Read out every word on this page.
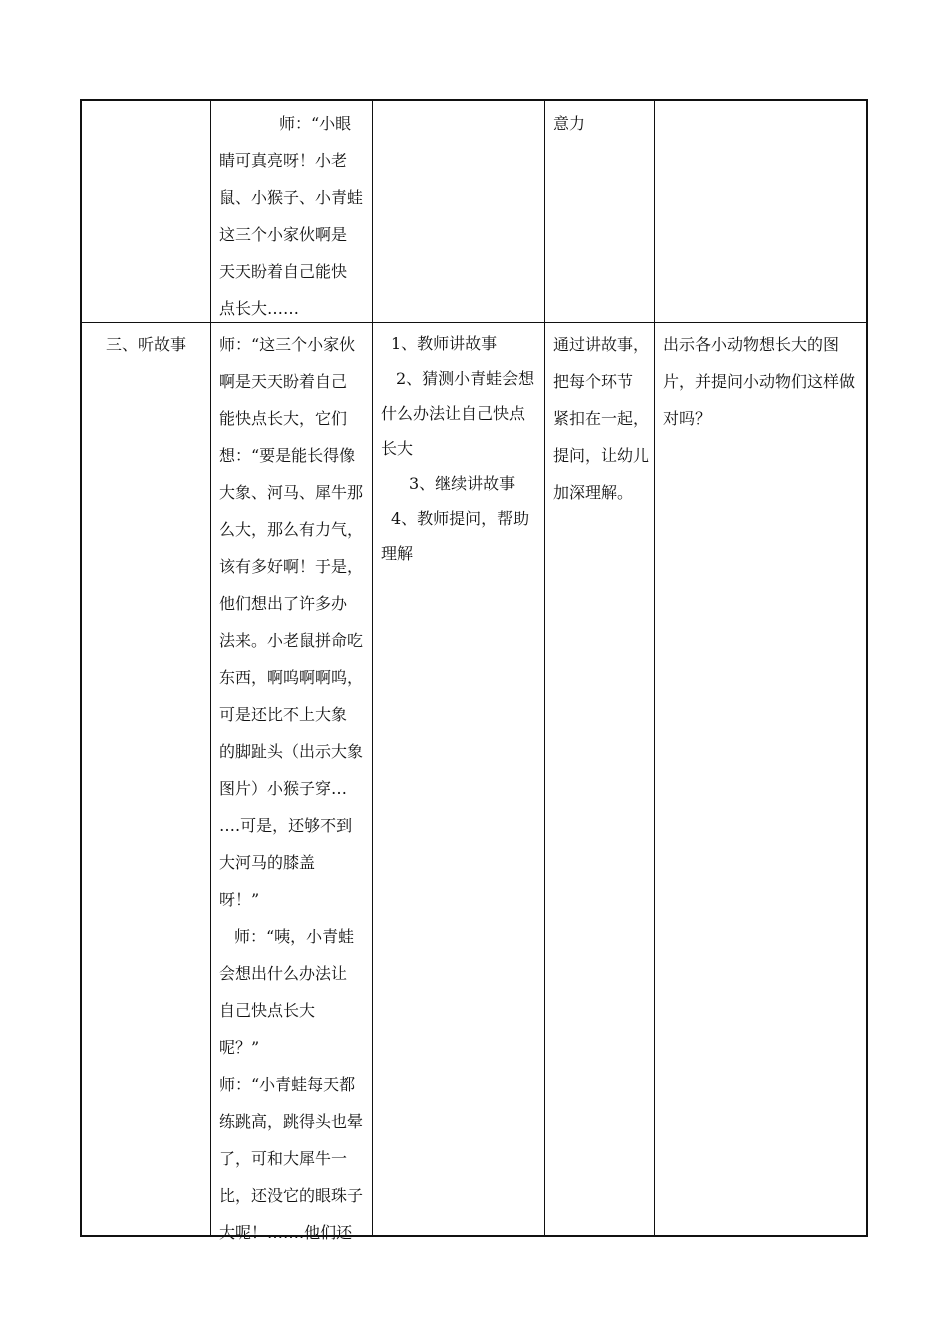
师：“小眼
睛可真亮呀！小老
鼠、小猴子、小青蛙
这三个小家伙啊是
天天盼着自己能快
点长大……
意力
三、听故事	师：“这三个小家伙
啊是天天盼着自己
能快点长大，它们
想：“要是能长得像
大象、河马、犀牛那
么大，那么有力气，
该有多好啊！于是，
他们想出了许多办
法来。小老鼠拼命吃
东西，啊呜啊啊呜，
可是还比不上大象
的脚趾头（出示大象
图片）小猴子穿…
….可是，还够不到
大河马的膝盖
呀！”
师：“咦，小青蛙
会想出什么办法让
自己快点长大
呢？”
师：“小青蛙每天都
练跳高，跳得头也晕
了，可和大犀牛一
比，还没它的眼珠子
大呢！…….他们还
1、教师讲故事
2、猜测小青蛙会想
什么办法让自己快点
长大
3、继续讲故事
4、教师提问，帮助
理解
通过讲故事，
把每个环节
紧扣在一起，
提问，让幼儿
加深理解。
出示各小动物想长大的图
片，并提问小动物们这样做
对吗？
